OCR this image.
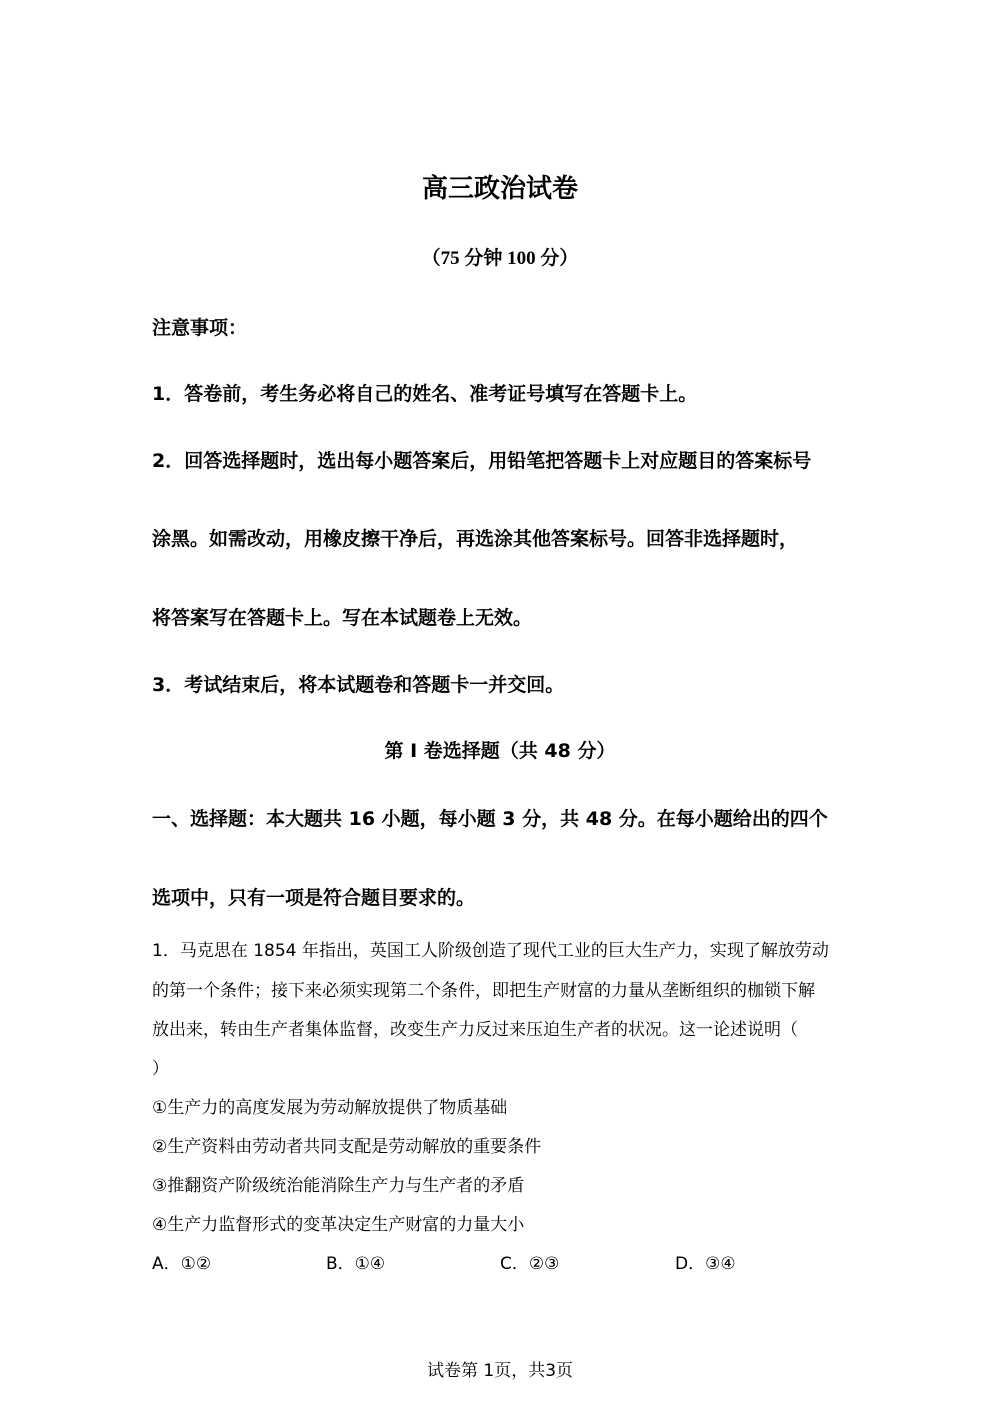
高三政治试卷
（75 分钟 100 分）
注意事项：
1．答卷前，考生务必将自己的姓名、准考证号填写在答题卡上。
2．回答选择题时，选出每小题答案后，用铅笔把答题卡上对应题目的答案标号
涂黑。如需改动，用橡皮擦干净后，再选涂其他答案标号。回答非选择题时，
将答案写在答题卡上。写在本试题卷上无效。
3．考试结束后，将本试题卷和答题卡一并交回。
第 I 卷选择题（共 48 分）
一、选择题：本大题共 16 小题，每小题 3 分，共 48 分。在每小题给出的四个
选项中，只有一项是符合题目要求的。
1．马克思在 1854 年指出，英国工人阶级创造了现代工业的巨大生产力，实现了解放劳动
的第一个条件；接下来必须实现第二个条件，即把生产财富的力量从垄断组织的枷锁下解
放出来，转由生产者集体监督，改变生产力反过来压迫生产者的状况。这一论述说明（
）
①生产力的高度发展为劳动解放提供了物质基础
②生产资料由劳动者共同支配是劳动解放的重要条件
③推翻资产阶级统治能消除生产力与生产者的矛盾
④生产力监督形式的变革决定生产财富的力量大小
A．①②	B．①④	C．②③	D．③④
试卷第 1页，共3页
